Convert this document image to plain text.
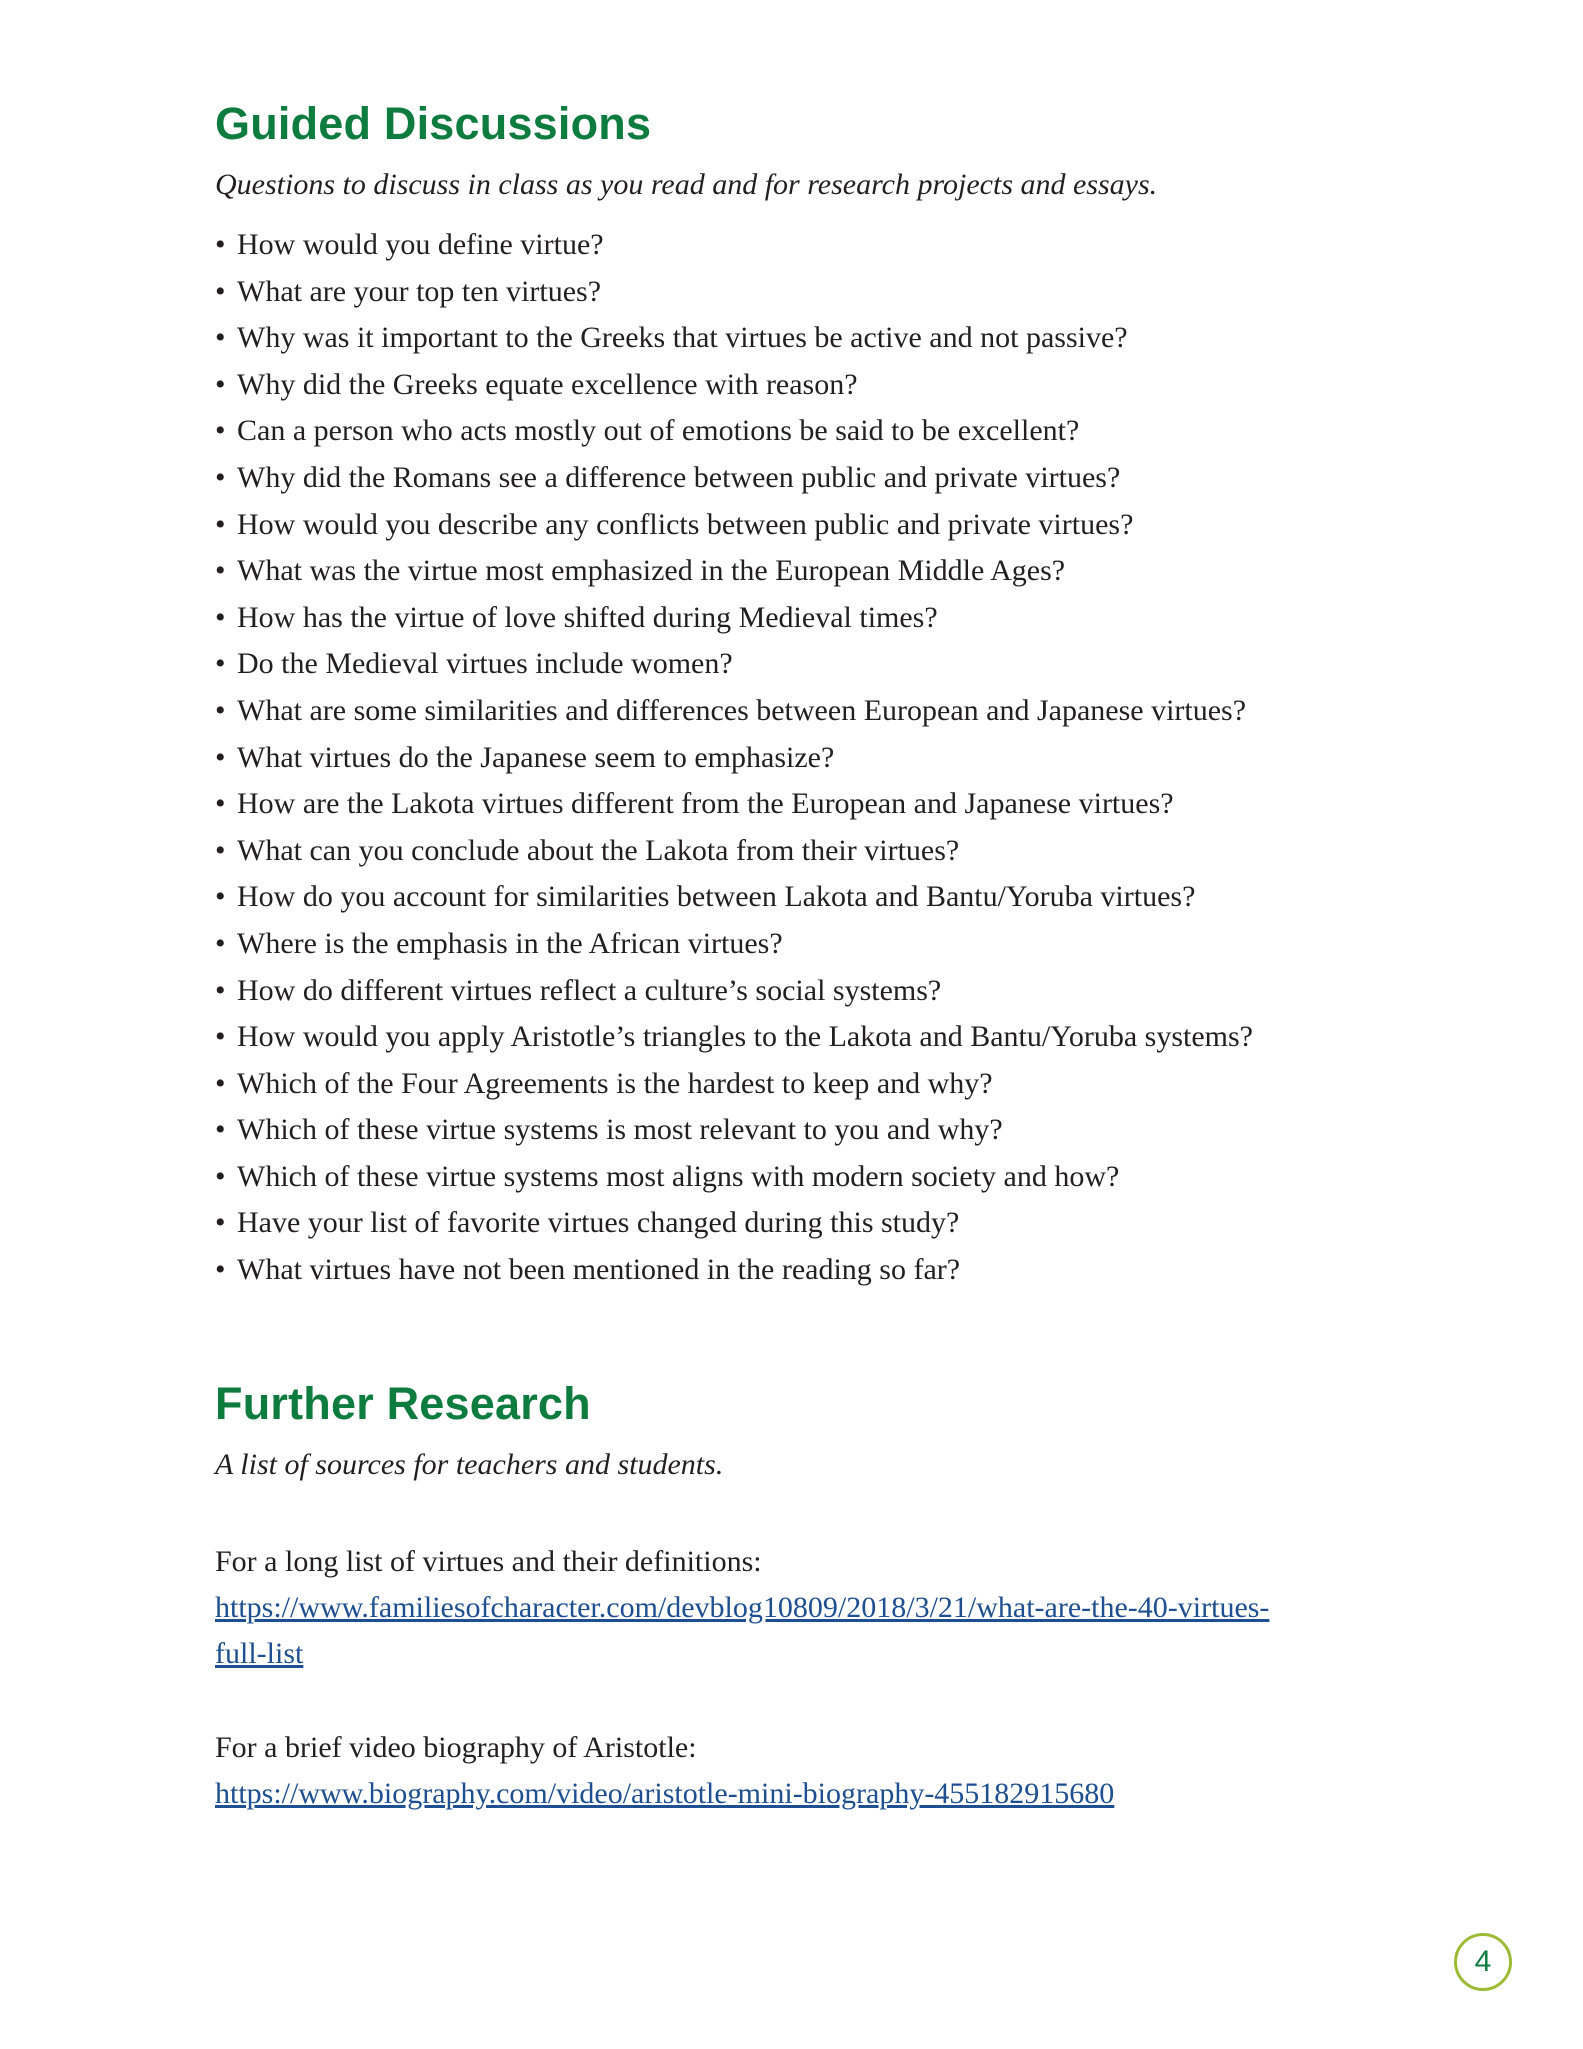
Guided Discussions

Questions to discuss in class as you read and for research projects and essays.

• How would you define virtue?
• What are your top ten virtues?
• Why was it important to the Greeks that virtues be active and not passive?
• Why did the Greeks equate excellence with reason?
• Can a person who acts mostly out of emotions be said to be excellent?
• Why did the Romans see a difference between public and private virtues?
• How would you describe any conflicts between public and private virtues?
• What was the virtue most emphasized in the European Middle Ages?
• How has the virtue of love shifted during Medieval times?
• Do the Medieval virtues include women?
• What are some similarities and differences between European and Japanese virtues?
• What virtues do the Japanese seem to emphasize?
• How are the Lakota virtues different from the European and Japanese virtues?
• What can you conclude about the Lakota from their virtues?
• How do you account for similarities between Lakota and Bantu/Yoruba virtues?
• Where is the emphasis in the African virtues?
• How do different virtues reflect a culture’s social systems?
• How would you apply Aristotle’s triangles to the Lakota and Bantu/Yoruba systems?
• Which of the Four Agreements is the hardest to keep and why?
• Which of these virtue systems is most relevant to you and why?
• Which of these virtue systems most aligns with modern society and how?
• Have your list of favorite virtues changed during this study?
• What virtues have not been mentioned in the reading so far?
Further Research

A list of sources for teachers and students.

For a long list of virtues and their definitions:
https://www.familiesofcharacter.com/devblog10809/2018/3/21/what-are-the-40-virtues-
full-list
For a brief video biography of Aristotle:
https://www.biography.com/video/aristotle-mini-biography-455182915680
4
